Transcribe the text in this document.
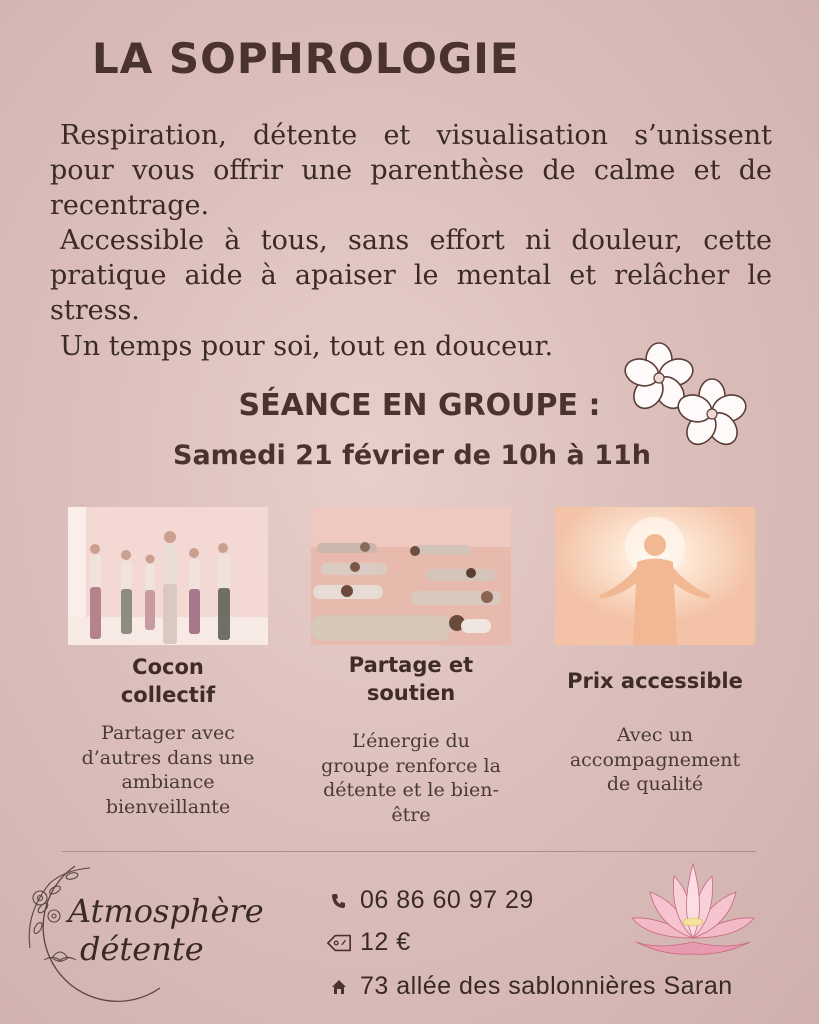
LA SOPHROLOGIE

Respiration, détente et visualisation s’unissent pour vous offrir une parenthèse de calme et de recentrage.

Accessible à tous, sans effort ni douleur, cette pratique aide à apaiser le mental et relâcher le stress.

Un temps pour soi, tout en douceur.

SÉANCE EN GROUPE :
Samedi 21 février de 10h à 11h
Cocon
collectif
Partager avec
d’autres dans une
ambiance
bienveillante
Partage et
soutien
L’énergie du
groupe renforce la
détente et le bien-
être
Prix accessible
Avec un
accompagnement
de qualité
Atmosphère
détente
06 86 60 97 29
12 €
73 allée des sablonnières Saran
